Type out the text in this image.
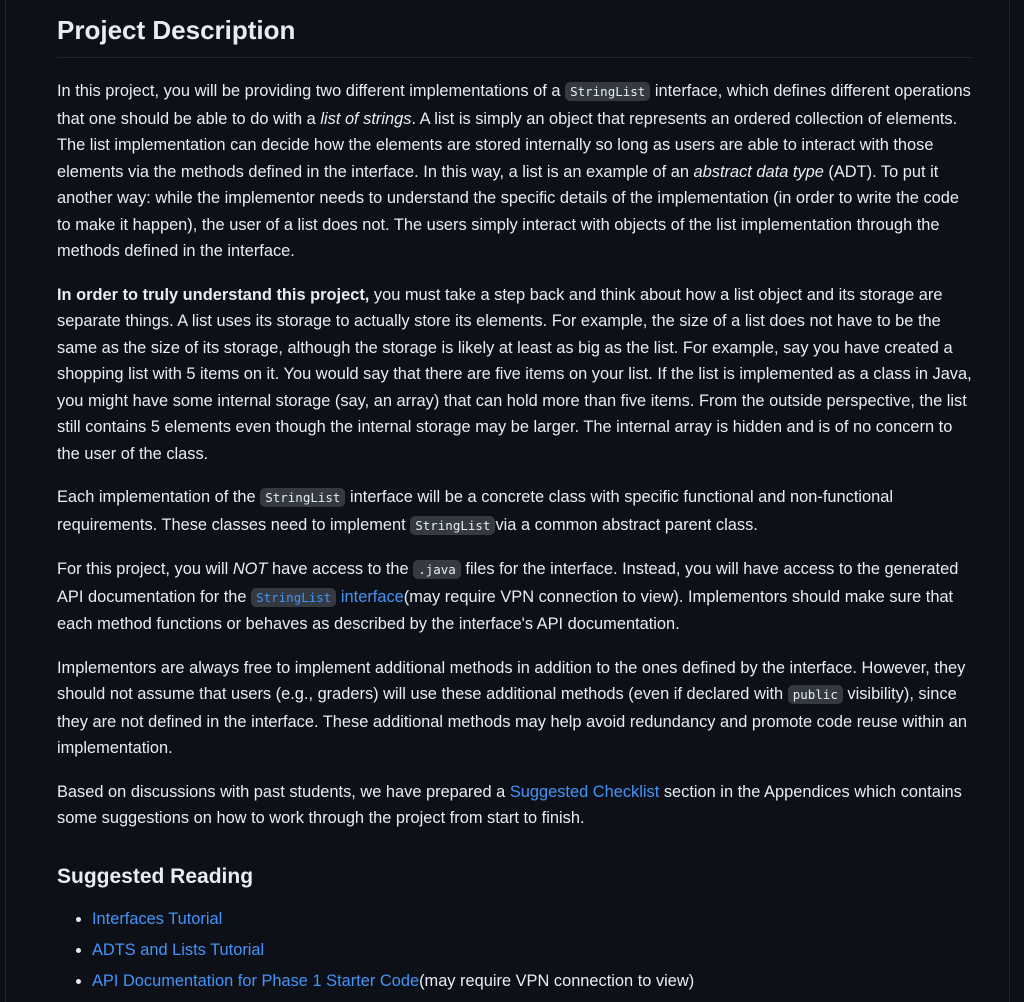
Project Description

In this project, you will be providing two different implementations of a StringList interface, which defines different operations that one should be able to do with a list of strings. A list is simply an object that represents an ordered collection of elements. The list implementation can decide how the elements are stored internally so long as users are able to interact with those elements via the methods defined in the interface. In this way, a list is an example of an abstract data type (ADT). To put it another way: while the implementor needs to understand the specific details of the implementation (in order to write the code to make it happen), the user of a list does not. The users simply interact with objects of the list implementation through the methods defined in the interface.

In order to truly understand this project, you must take a step back and think about how a list object and its storage are separate things. A list uses its storage to actually store its elements. For example, the size of a list does not have to be the same as the size of its storage, although the storage is likely at least as big as the list. For example, say you have created a shopping list with 5 items on it. You would say that there are five items on your list. If the list is implemented as a class in Java, you might have some internal storage (say, an array) that can hold more than five items. From the outside perspective, the list still contains 5 elements even though the internal storage may be larger. The internal array is hidden and is of no concern to the user of the class.

Each implementation of the StringList interface will be a concrete class with specific functional and non-functional requirements. These classes need to implement StringList via a common abstract parent class.

For this project, you will NOT have access to the .java files for the interface. Instead, you will have access to the generated API documentation for the StringList interface(may require VPN connection to view). Implementors should make sure that each method functions or behaves as described by the interface's API documentation.

Implementors are always free to implement additional methods in addition to the ones defined by the interface. However, they should not assume that users (e.g., graders) will use these additional methods (even if declared with public visibility), since they are not defined in the interface. These additional methods may help avoid redundancy and promote code reuse within an implementation.

Based on discussions with past students, we have prepared a Suggested Checklist section in the Appendices which contains some suggestions on how to work through the project from start to finish.

Suggested Reading
• Interfaces Tutorial
• ADTS and Lists Tutorial
• API Documentation for Phase 1 Starter Code(may require VPN connection to view)
